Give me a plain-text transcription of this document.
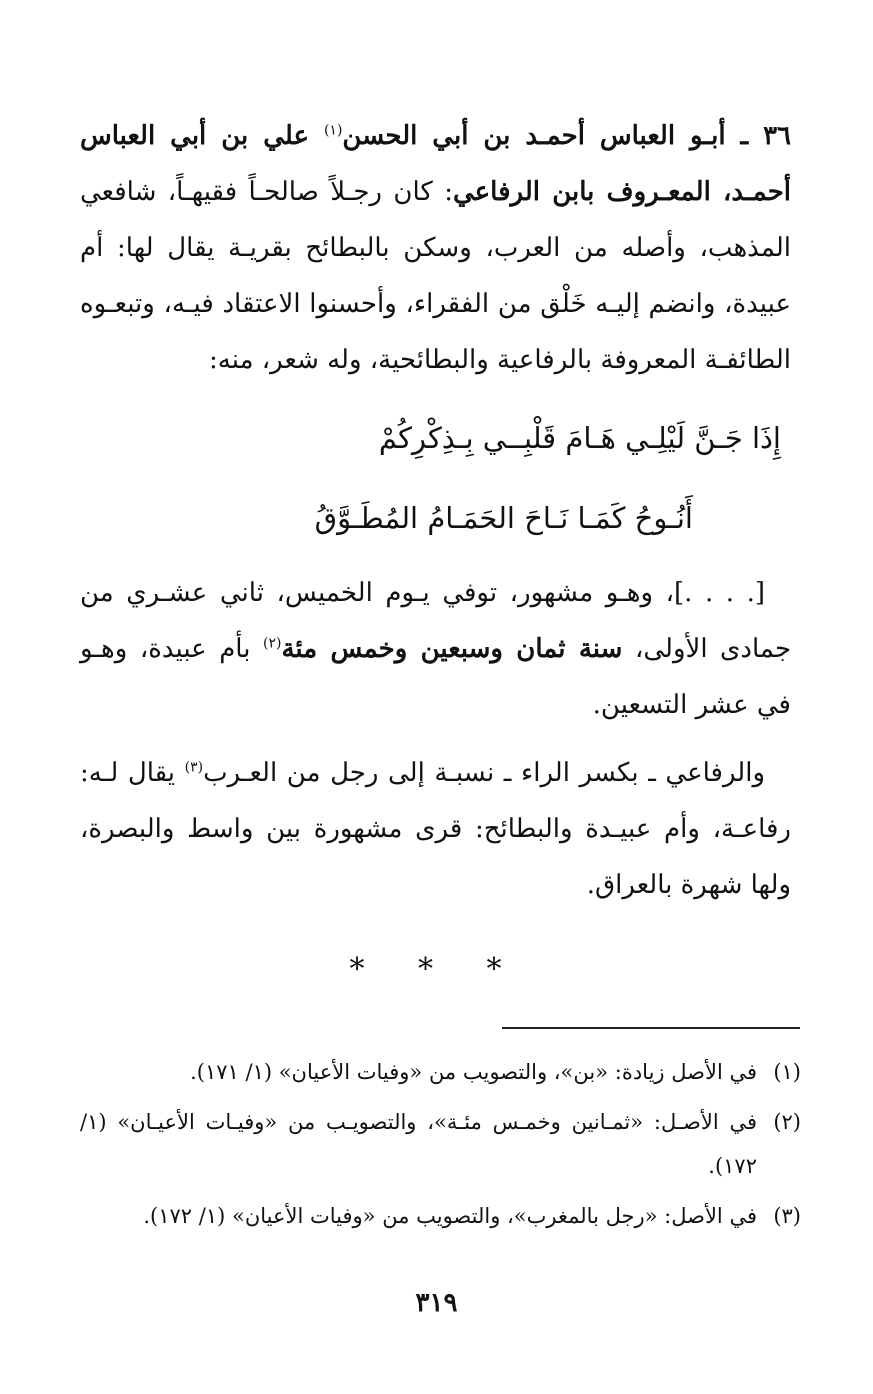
٣٦ ـ أبـو العباس أحمـد بن أبي الحسن$^{(١)}$ علي بن أبي العباس أحمـد، المعـروف بابن الرفاعي: كان رجـلاً صالحـاً فقيهـاً، شافعي المذهب، وأصله من العرب، وسكن بالبطائح بقريـة يقال لها: أم عبيدة، وانضم إليـه خَلْق من الفقراء، وأحسنوا الاعتقاد فيـه، وتبعـوه الطائفـة المعروفة بالرفاعية والبطائحية، وله شعر، منه:

إِذَا جَـنَّ لَيْلِـي هَـامَ قَلْبِــي بِـذِكْرِكُمْ
أَنُـوحُ كَمَـا نَـاحَ الحَمَـامُ المُطَـوَّقُ

[. . . .]، وهـو مشهور، توفي يـوم الخميس، ثاني عشـري من جمادى الأولى، سنة ثمان وسبعين وخمس مئة$^{(٢)}$ بأم عبيدة، وهـو في عشر التسعين.

والرفاعي ـ بكسر الراء ـ نسبـة إلى رجل من العـرب$^{(٣)}$ يقال لـه: رفاعـة، وأم عبيـدة والبطائح: قرى مشهورة بين واسط والبصرة، ولها شهرة بالعراق.

* * *
(١)
في الأصل زيادة: «بن»، والتصويب من «وفيات الأعيان» (١/ ١٧١).
(٢)
في الأصـل: «ثمـانين وخمـس مئـة»، والتصويـب من «وفيـات الأعيـان» (١/ ١٧٢).
(٣)
في الأصل: «رجل بالمغرب»، والتصويب من «وفيات الأعيان» (١/ ١٧٢).
٣١٩
